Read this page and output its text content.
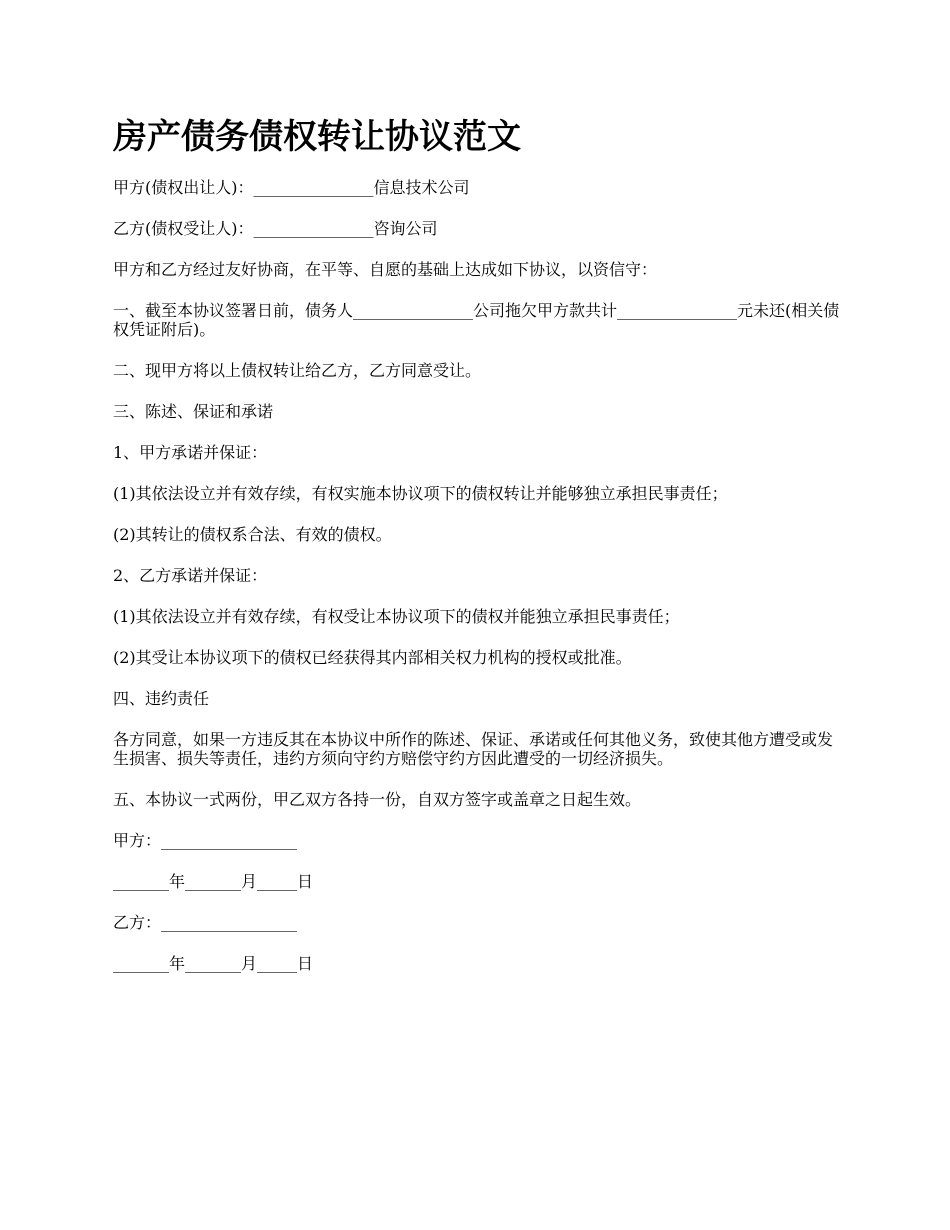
房产债务债权转让协议范文

甲方(债权出让人)：_______________信息技术公司

乙方(债权受让人)：_______________咨询公司

甲方和乙方经过友好协商，在平等、自愿的基础上达成如下协议，以资信守：

一、截至本协议签署日前，债务人_______________公司拖欠甲方款共计_______________元未还(相关债权凭证附后)。

二、现甲方将以上债权转让给乙方，乙方同意受让。

三、陈述、保证和承诺

1、甲方承诺并保证：

(1)其依法设立并有效存续，有权实施本协议项下的债权转让并能够独立承担民事责任；

(2)其转让的债权系合法、有效的债权。

2、乙方承诺并保证：

(1)其依法设立并有效存续，有权受让本协议项下的债权并能独立承担民事责任；

(2)其受让本协议项下的债权已经获得其内部相关权力机构的授权或批准。

四、违约责任

各方同意，如果一方违反其在本协议中所作的陈述、保证、承诺或任何其他义务，致使其他方遭受或发生损害、损失等责任，违约方须向守约方赔偿守约方因此遭受的一切经济损失。

五、本协议一式两份，甲乙双方各持一份，自双方签字或盖章之日起生效。

甲方：_________________

_______年_______月_____日

乙方：_________________

_______年_______月_____日
